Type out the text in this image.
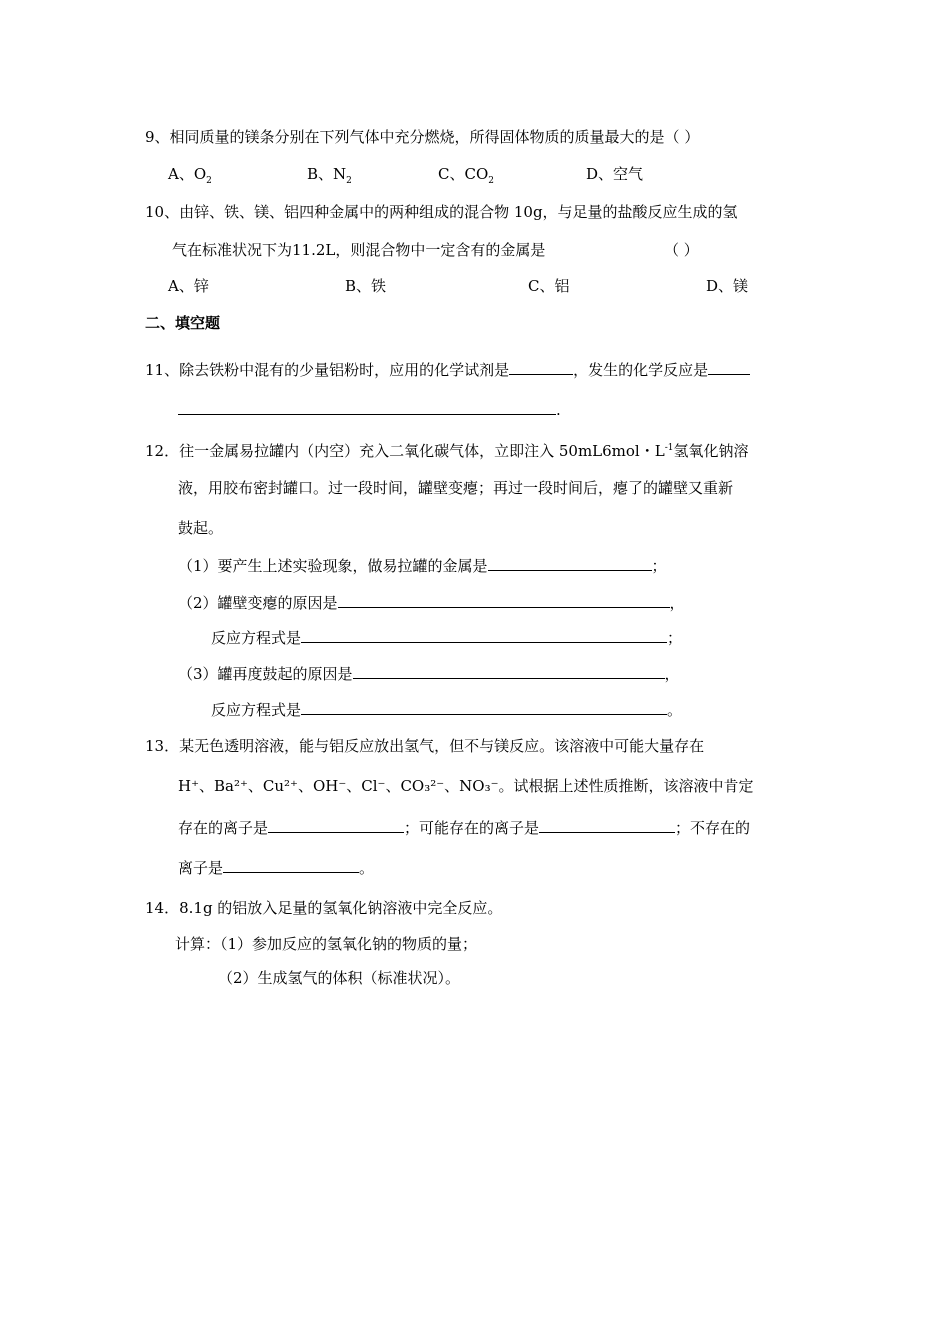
9、相同质量的镁条分别在下列气体中充分燃烧，所得固体物质的质量最大的是（ ）
A、$O_2$	B、$N_2$	C、$CO_2$	D、空气
10、由锌、铁、镁、铝四种金属中的两种组成的混合物 10g，与足量的盐酸反应生成的氢
气在标准状况下为11.2L，则混合物中一定含有的金属是	（ ）
A、锌	B、铁	C、铝	D、镁
二、填空题
11、除去铁粉中混有的少量铝粉时，应用的化学试剂是	，发生的化学反应是
.
12．往一金属易拉罐内（内空）充入二氧化碳气体，立即注入 50mL6mol・$L^{-1}$氢氧化钠溶
液，用胶布密封罐口。过一段时间，罐壁变瘪；再过一段时间后，瘪了的罐壁又重新
鼓起。
（1）要产生上述实验现象，做易拉罐的金属是	；
（2）罐壁变瘪的原因是	，
反应方程式是	；
（3）罐再度鼓起的原因是	，
反应方程式是	。
13．某无色透明溶液，能与铝反应放出氢气，但不与镁反应。该溶液中可能大量存在
H⁺、Ba²⁺、Cu²⁺、OH⁻、Cl⁻、CO₃²⁻、NO₃⁻。试根据上述性质推断，该溶液中肯定
存在的离子是	；可能存在的离子是	；不存在的
离子是	。
14．8.1g 的铝放入足量的氢氧化钠溶液中完全反应。
计算：（1）参加反应的氢氧化钠的物质的量；
（2）生成氢气的体积（标准状况）。
